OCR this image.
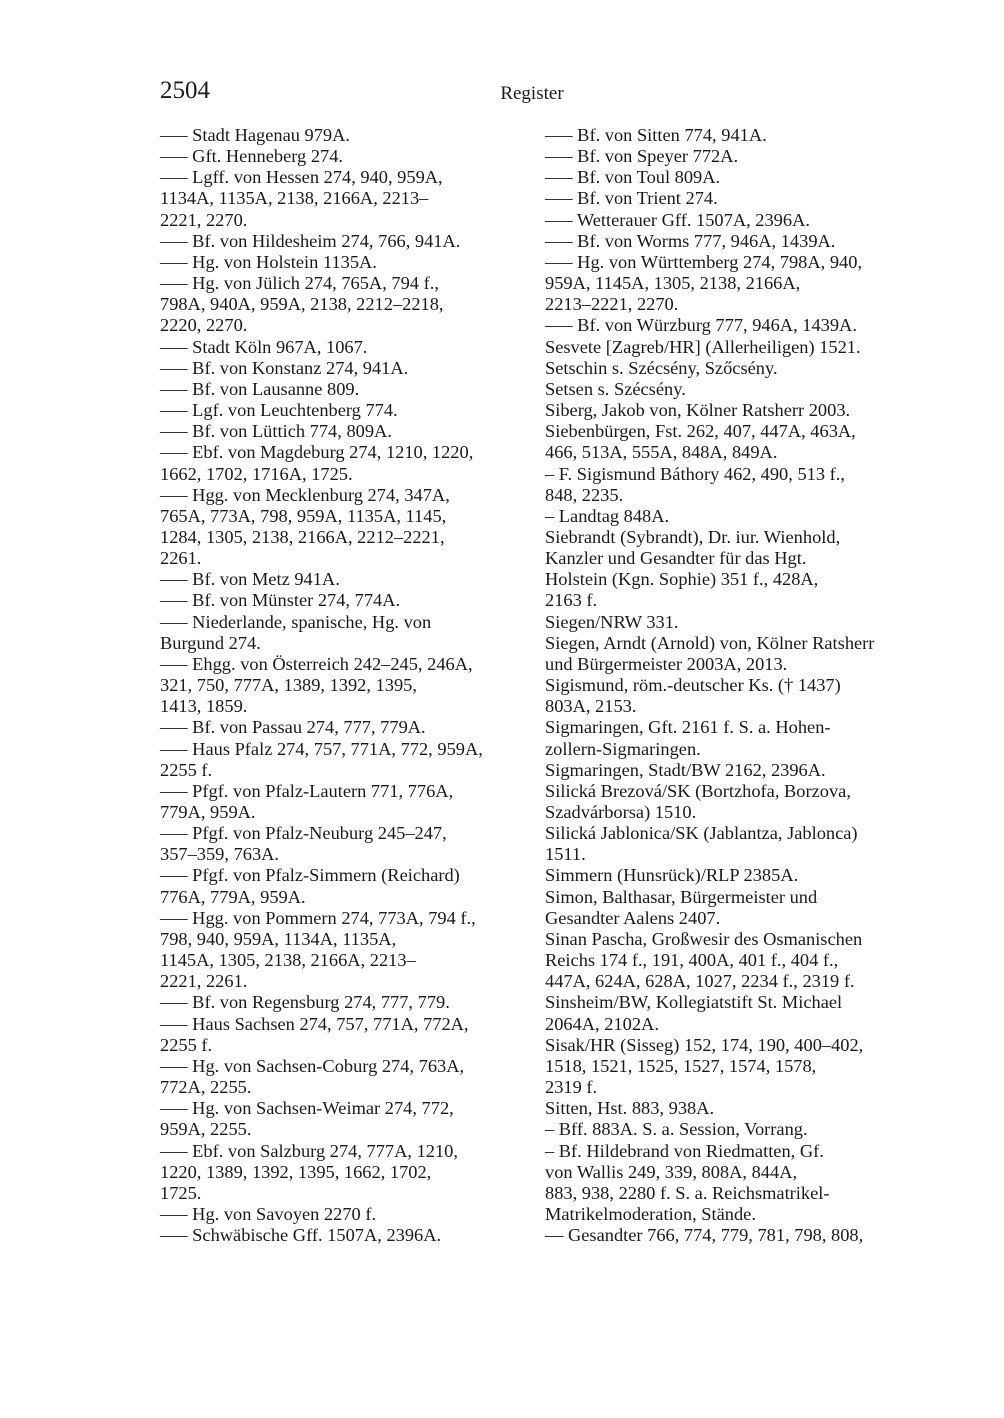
2504	Register
––– Stadt Hagenau 979A.
––– Gft. Henneberg 274.
––– Lgff. von Hessen 274, 940, 959A,
1134A, 1135A, 2138, 2166A, 2213–
2221, 2270.
––– Bf. von Hildesheim 274, 766, 941A.
––– Hg. von Holstein 1135A.
––– Hg. von Jülich 274, 765A, 794 f.,
798A, 940A, 959A, 2138, 2212–2218,
2220, 2270.
––– Stadt Köln 967A, 1067.
––– Bf. von Konstanz 274, 941A.
––– Bf. von Lausanne 809.
––– Lgf. von Leuchtenberg 774.
––– Bf. von Lüttich 774, 809A.
––– Ebf. von Magdeburg 274, 1210, 1220,
1662, 1702, 1716A, 1725.
––– Hgg. von Mecklenburg 274, 347A,
765A, 773A, 798, 959A, 1135A, 1145,
1284, 1305, 2138, 2166A, 2212–2221,
2261.
––– Bf. von Metz 941A.
––– Bf. von Münster 274, 774A.
––– Niederlande, spanische, Hg. von
Burgund 274.
––– Ehgg. von Österreich 242–245, 246A,
321, 750, 777A, 1389, 1392, 1395,
1413, 1859.
––– Bf. von Passau 274, 777, 779A.
––– Haus Pfalz 274, 757, 771A, 772, 959A,
2255 f.
––– Pfgf. von Pfalz-Lautern 771, 776A,
779A, 959A.
––– Pfgf. von Pfalz-Neuburg 245–247,
357–359, 763A.
––– Pfgf. von Pfalz-Simmern (Reichard)
776A, 779A, 959A.
––– Hgg. von Pommern 274, 773A, 794 f.,
798, 940, 959A, 1134A, 1135A,
1145A, 1305, 2138, 2166A, 2213–
2221, 2261.
––– Bf. von Regensburg 274, 777, 779.
––– Haus Sachsen 274, 757, 771A, 772A,
2255 f.
––– Hg. von Sachsen-Coburg 274, 763A,
772A, 2255.
––– Hg. von Sachsen-Weimar 274, 772,
959A, 2255.
––– Ebf. von Salzburg 274, 777A, 1210,
1220, 1389, 1392, 1395, 1662, 1702,
1725.
––– Hg. von Savoyen 2270 f.
––– Schwäbische Gff. 1507A, 2396A.
––– Bf. von Sitten 774, 941A.
––– Bf. von Speyer 772A.
––– Bf. von Toul 809A.
––– Bf. von Trient 274.
––– Wetterauer Gff. 1507A, 2396A.
––– Bf. von Worms 777, 946A, 1439A.
––– Hg. von Württemberg 274, 798A, 940,
959A, 1145A, 1305, 2138, 2166A,
2213–2221, 2270.
––– Bf. von Würzburg 777, 946A, 1439A.
Sesvete [Zagreb/HR] (Allerheiligen) 1521.
Setschin s. Szécsény, Szőcsény.
Setsen s. Szécsény.
Siberg, Jakob von, Kölner Ratsherr 2003.
Siebenbürgen, Fst. 262, 407, 447A, 463A,
466, 513A, 555A, 848A, 849A.
– F. Sigismund Báthory 462, 490, 513 f.,
848, 2235.
– Landtag 848A.
Siebrandt (Sybrandt), Dr. iur. Wienhold,
Kanzler und Gesandter für das Hgt.
Holstein (Kgn. Sophie) 351 f., 428A,
2163 f.
Siegen/NRW 331.
Siegen, Arndt (Arnold) von, Kölner Ratsherr
und Bürgermeister 2003A, 2013.
Sigismund, röm.-deutscher Ks. († 1437)
803A, 2153.
Sigmaringen, Gft. 2161 f. S. a. Hohen-
zollern-Sigmaringen.
Sigmaringen, Stadt/BW 2162, 2396A.
Silická Brezová/SK (Bortzhofa, Borzova,
Szadvárborsa) 1510.
Silická Jablonica/SK (Jablantza, Jablonca)
1511.
Simmern (Hunsrück)/RLP 2385A.
Simon, Balthasar, Bürgermeister und
Gesandter Aalens 2407.
Sinan Pascha, Großwesir des Osmanischen
Reichs 174 f., 191, 400A, 401 f., 404 f.,
447A, 624A, 628A, 1027, 2234 f., 2319 f.
Sinsheim/BW, Kollegiatstift St. Michael
2064A, 2102A.
Sisak/HR (Sisseg) 152, 174, 190, 400–402,
1518, 1521, 1525, 1527, 1574, 1578,
2319 f.
Sitten, Hst. 883, 938A.
– Bff. 883A. S. a. Session, Vorrang.
– Bf. Hildebrand von Riedmatten, Gf.
von Wallis 249, 339, 808A, 844A,
883, 938, 2280 f. S. a. Reichsmatrikel-
Matrikelmoderation, Stände.
–– Gesandter 766, 774, 779, 781, 798, 808,
